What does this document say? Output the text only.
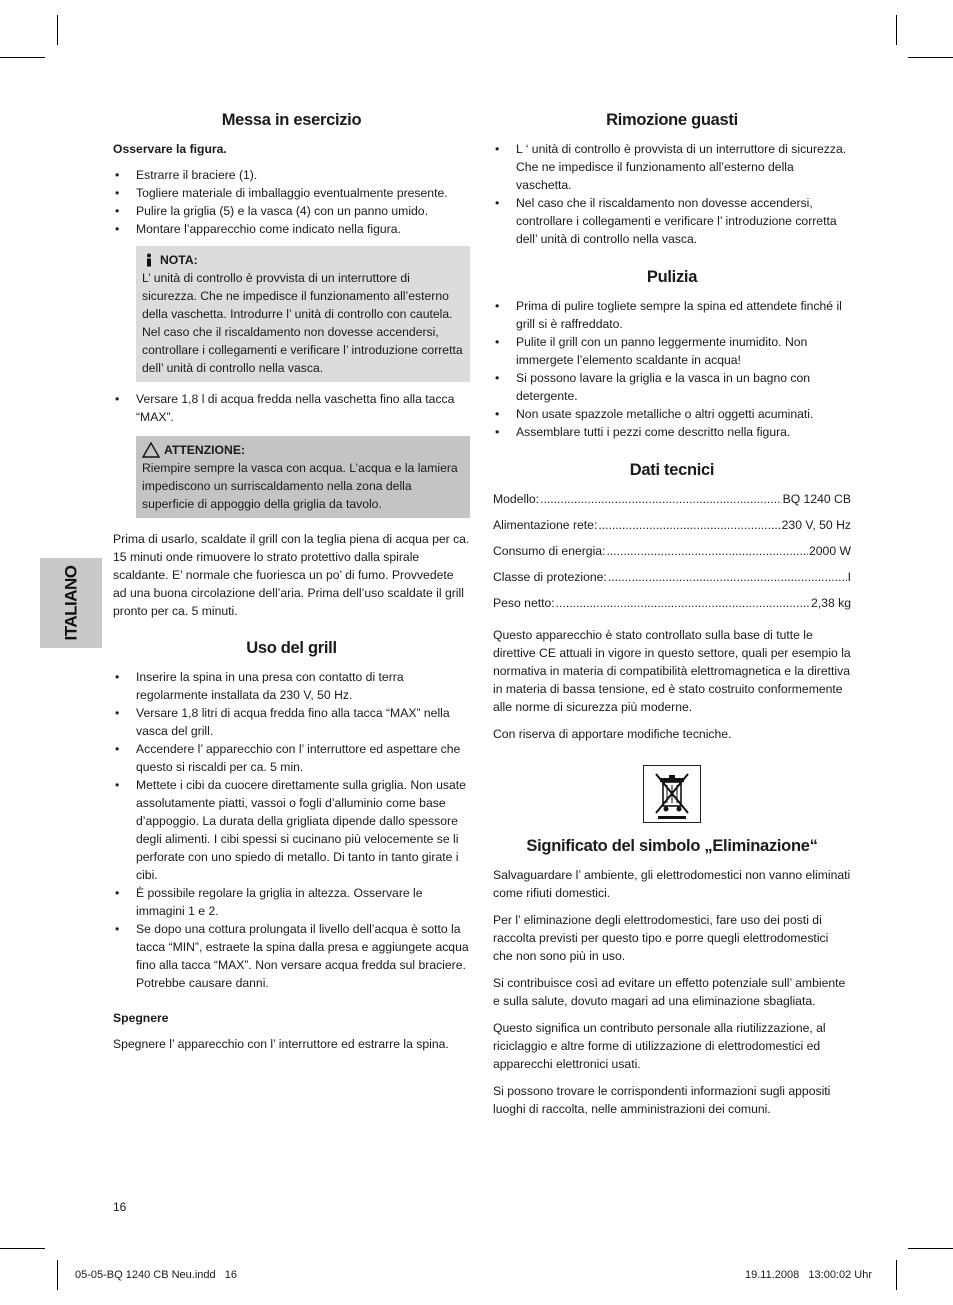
ITALIANO
Messa in esercizio

Osservare la figura.

• Estrarre il braciere (1).
• Togliere materiale di imballaggio eventualmente presente.
• Pulire la griglia (5) e la vasca (4) con un panno umido.
• Montare l’apparecchio come indicato nella figura.
NOTA:

L’ unità di controllo è provvista di un interruttore di sicurezza. Che ne impedisce il funzionamento all’esterno della vaschetta. Introdurre l’ unità di controllo con cautela. Nel caso che il riscaldamento non dovesse accendersi, controllare i collegamenti e verificare l’ introduzione corretta dell’ unità di controllo nella vasca.

• Versare 1,8 l di acqua fredda nella vaschetta fino alla tacca “MAX”.
ATTENZIONE:

Riempire sempre la vasca con acqua. L’acqua e la lamiera impediscono un surriscaldamento nella zona della superficie di appoggio della griglia da tavolo.

Prima di usarlo, scaldate il grill con la teglia piena di acqua per ca. 15 minuti onde rimuovere lo strato protettivo dalla spirale scaldante. E’ normale che fuoriesca un po’ di fumo. Provvedete ad una buona circolazione dell’aria. Prima dell’uso scaldate il grill pronto per ca. 5 minuti.

Uso del grill
• Inserire la spina in una presa con contatto di terra regolarmente installata da 230 V, 50 Hz.
• Versare 1,8 litri di acqua fredda fino alla tacca “MAX” nella vasca del grill.
• Accendere l’ apparecchio con l’ interruttore ed aspettare che questo si riscaldi per ca. 5 min.
• Mettete i cibi da cuocere direttamente sulla griglia. Non usate assolutamente piatti, vassoi o fogli d’alluminio come base d’appoggio. La durata della grigliata dipende dallo spessore degli alimenti. I cibi spessi si cucinano più velocemente se li perforate con uno spiedo di metallo. Di tanto in tanto girate i cibi.
• È possibile regolare la griglia in altezza. Osservare le immagini 1 e 2.
• Se dopo una cottura prolungata il livello dell’acqua è sotto la tacca “MIN”, estraete la spina dalla presa e aggiungete acqua fino alla tacca “MAX”. Non versare acqua fredda sul braciere. Potrebbe causare danni.

Spegnere

Spegnere l’ apparecchio con l’ interruttore ed estrarre la spina.

Rimozione guasti
• L ‘ unità di controllo è provvista di un interruttore di sicurezza. Che ne impedisce il funzionamento all’esterno della vaschetta.
• Nel caso che il riscaldamento non dovesse accendersi, controllare i collegamenti e verificare l’ introduzione corretta dell’ unità di controllo nella vasca.
Pulizia
• Prima di pulire togliete sempre la spina ed attendete finché il grill si è raffreddato.
• Pulite il grill con un panno leggermente inumidito. Non immergete l’elemento scaldante in acqua!
• Si possono lavare la griglia e la vasca in un bagno con detergente.
• Non usate spazzole metalliche o altri oggetti acuminati.
• Assemblare tutti i pezzi come descritto nella figura.
Dati tecnici
Modello: .....	BQ 1240 CB
Alimentazione rete: .....	230 V, 50 Hz
Consumo di energia: .....	2000 W
Classe di protezione: .....	I
Peso netto: .....	2,38 kg

Questo apparecchio è stato controllato sulla base di tutte le direttive CE attuali in vigore in questo settore, quali per esempio la normativa in materia di compatibilità elettromagnetica e la direttiva in materia di bassa tensione, ed è stato costruito conformemente alle norme di sicurezza più moderne.

Con riserva di apportare modifiche tecniche.

Significato del simbolo „Eliminazione“

Salvaguardare l’ ambiente, gli elettrodomestici non vanno eliminati come rifiuti domestici.

Per l’ eliminazione degli elettrodomestici, fare uso dei posti di raccolta previsti per questo tipo e porre quegli elettrodomestici che non sono più in uso.

Si contribuisce così ad evitare un effetto potenziale sull’ ambiente e sulla salute, dovuto magari ad una eliminazione sbagliata.

Questo significa un contributo personale alla riutilizzazione, al riciclaggio e altre forme di utilizzazione di elettrodomestici ed apparecchi elettronici usati.

Si possono trovare le corrispondenti informazioni sugli appositi luoghi di raccolta, nelle amministrazioni dei comuni.

16
05-05-BQ 1240 CB Neu.indd   16	19.11.2008   13:00:02 Uhr
